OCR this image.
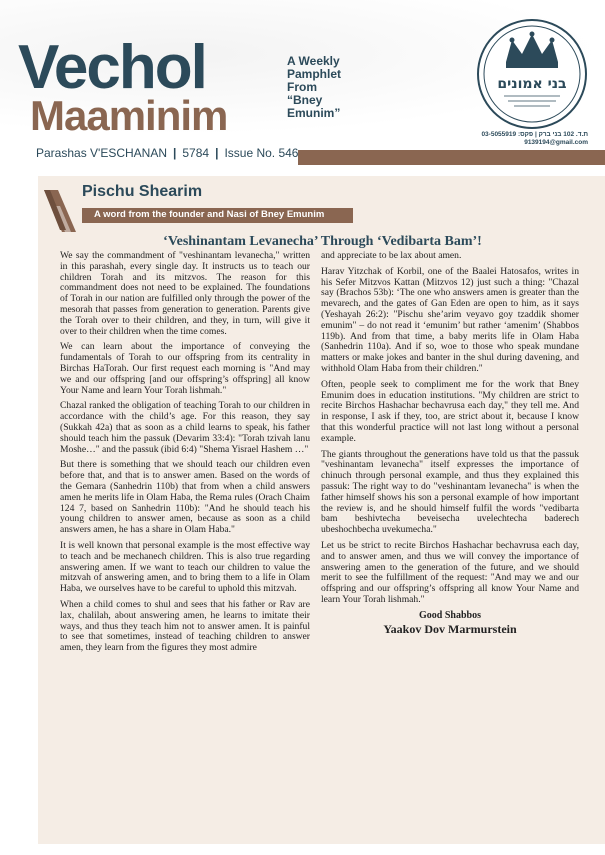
Vechol
Maaminim
A Weekly
Pamphlet
From
“Bney
Emunim”
בני אמונים
ת.ד. 102 בני ברק | פקס: 03-5055919
9139194@gmail.com
Parashas V'ESCHANAN | 5784 | Issue No. 546
Pischu Shearim
A word from the founder and Nasi of Bney Emunim
‘Veshinantam Levanecha’ Through ‘Vedibarta Bam’!

We say the commandment of "veshinantam levanecha," written in this parashah, every single day. It instructs us to teach our children Torah and its mitzvos. The reason for this commandment does not need to be explained. The foundations of Torah in our nation are fulfilled only through the power of the mesorah that passes from generation to generation. Parents give the Torah over to their children, and they, in turn, will give it over to their children when the time comes.

We can learn about the importance of conveying the fundamentals of Torah to our offspring from its centrality in Birchas HaTorah. Our first request each morning is "And may we and our offspring [and our offspring’s offspring] all know Your Name and learn Your Torah lishmah."

Chazal ranked the obligation of teaching Torah to our children in accordance with the child’s age. For this reason, they say (Sukkah 42a) that as soon as a child learns to speak, his father should teach him the passuk (Devarim 33:4): "Torah tzivah lanu Moshe…" and the passuk (ibid 6:4) "Shema Yisrael Hashem …"

But there is something that we should teach our children even before that, and that is to answer amen. Based on the words of the Gemara (Sanhedrin 110b) that from when a child answers amen he merits life in Olam Haba, the Rema rules (Orach Chaim 124 7, based on Sanhedrin 110b): "And he should teach his young children to answer amen, because as soon as a child answers amen, he has a share in Olam Haba."

It is well known that personal example is the most effective way to teach and be mechanech children. This is also true regarding answering amen. If we want to teach our children to value the mitzvah of answering amen, and to bring them to a life in Olam Haba, we ourselves have to be careful to uphold this mitzvah.

When a child comes to shul and sees that his father or Rav are lax, chalilah, about answering amen, he learns to imitate their ways, and thus they teach him not to answer amen. It is painful to see that sometimes, instead of teaching children to answer amen, they learn from the figures they most admire

and appreciate to be lax about amen.

Harav Yitzchak of Korbil, one of the Baalei Hatosafos, writes in his Sefer Mitzvos Kattan (Mitzvos 12) just such a thing: "Chazal say (Brachos 53b): ‘The one who answers amen is greater than the mevarech, and the gates of Gan Eden are open to him, as it says (Yeshayah 26:2): "Pischu she’arim veyavo goy tzaddik shomer emunim" – do not read it ‘emunim’ but rather ‘amenim’ (Shabbos 119b). And from that time, a baby merits life in Olam Haba (Sanhedrin 110a). And if so, woe to those who speak mundane matters or make jokes and banter in the shul during davening, and withhold Olam Haba from their children."

Often, people seek to compliment me for the work that Bney Emunim does in education institutions. "My children are strict to recite Birchos Hashachar bechavrusa each day," they tell me. And in response, I ask if they, too, are strict about it, because I know that this wonderful practice will not last long without a personal example.

The giants throughout the generations have told us that the passuk "veshinantam levanecha" itself expresses the importance of chinuch through personal example, and thus they explained this passuk: The right way to do "veshinantam levanecha" is when the father himself shows his son a personal example of how important the review is, and he should himself fulfil the words "vedibarta bam beshivtecha beveisecha uvelechtecha baderech ubeshochbecha uvekumecha."

Let us be strict to recite Birchos Hashachar bechavrusa each day, and to answer amen, and thus we will convey the importance of answering amen to the generation of the future, and we should merit to see the fulfillment of the request: "And may we and our offspring and our offspring’s offspring all know Your Name and learn Your Torah lishmah."

Good Shabbos
Yaakov Dov Marmurstein
